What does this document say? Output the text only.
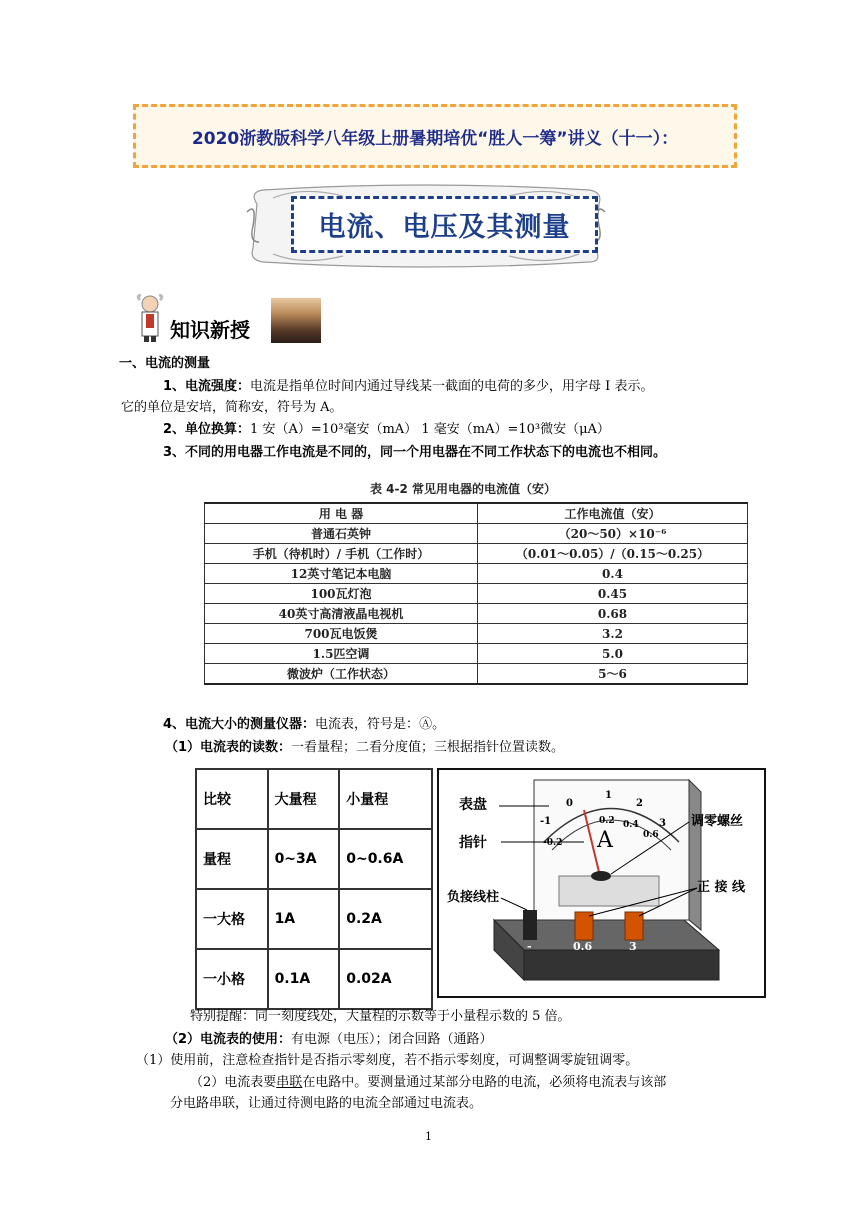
2020浙教版科学八年级上册暑期培优“胜人一筹”讲义（十一）：
电流、电压及其测量
知识新授
一、电流的测量
1、电流强度：电流是指单位时间内通过导线某一截面的电荷的多少，用字母 I 表示。
它的单位是安培，简称安，符号为 A。
2、单位换算：1 安（A）=10³毫安（mA） 1 毫安（mA）=10³微安（μA）
3、不同的用电器工作电流是不同的，同一个用电器在不同工作状态下的电流也不相同。
表 4-2 常见用电器的电流值（安）
用 电 器	工作电流值（安）
普通石英钟	（20～50）×10⁻⁶
手机（待机时）/ 手机（工作时）	（0.01～0.05）/（0.15～0.25）
12英寸笔记本电脑	0.4
100瓦灯泡	0.45
40英寸高清液晶电视机	0.68
700瓦电饭煲	3.2
1.5匹空调	5.0
微波炉（工作状态）	5～6
4、电流大小的测量仪器：电流表，符号是：Ⓐ。
（1）电流表的读数：一看量程；二看分度值；三根据指针位置读数。
比较	大量程	小量程
量程	0~3A	0~0.6A
一大格	1A	0.2A
一小格	0.1A	0.02A
表盘
指针
调零螺丝
负接线柱
正 接 线
A
-1
0
1
2
3
-0.2
0.2 0.4
0.6
-	0.6	3
特别提醒：同一刻度线处，大量程的示数等于小量程示数的 5 倍。
（2）电流表的使用：有电源（电压）；闭合回路（通路）
（1）使用前，注意检查指针是否指示零刻度，若不指示零刻度，可调整调零旋钮调零。
（2）电流表要串联在电路中。要测量通过某部分电路的电流，必须将电流表与该部
分电路串联，让通过待测电路的电流全部通过电流表。
1
